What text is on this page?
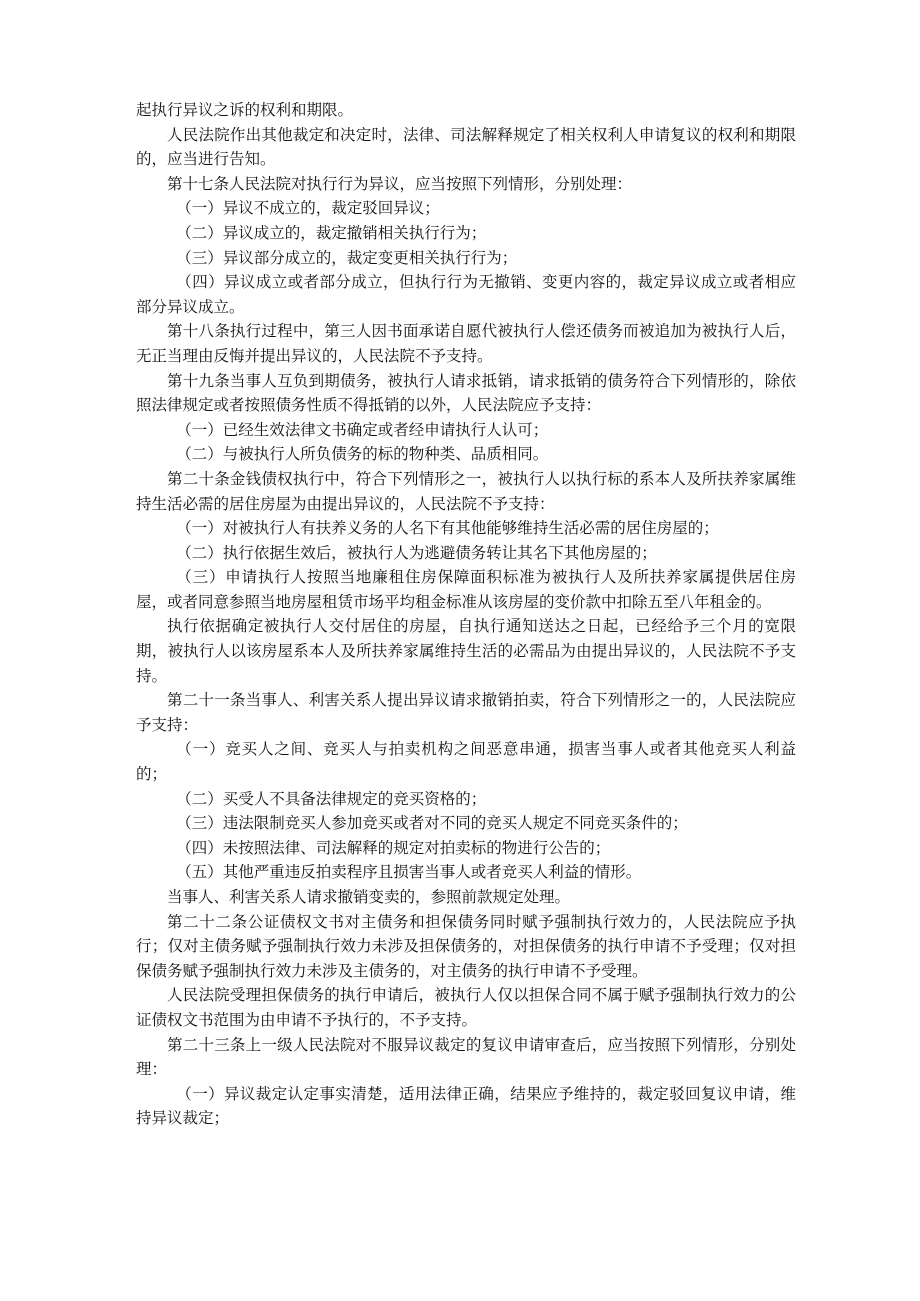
起执行异议之诉的权利和期限。

人民法院作出其他裁定和决定时，法律、司法解释规定了相关权利人申请复议的权利和期限的，应当进行告知。

第十七条人民法院对执行行为异议，应当按照下列情形，分别处理：

（一）异议不成立的，裁定驳回异议；

（二）异议成立的，裁定撤销相关执行行为；

（三）异议部分成立的，裁定变更相关执行行为；

（四）异议成立或者部分成立，但执行行为无撤销、变更内容的，裁定异议成立或者相应部分异议成立。

第十八条执行过程中，第三人因书面承诺自愿代被执行人偿还债务而被追加为被执行人后，无正当理由反悔并提出异议的，人民法院不予支持。

第十九条当事人互负到期债务，被执行人请求抵销，请求抵销的债务符合下列情形的，除依照法律规定或者按照债务性质不得抵销的以外，人民法院应予支持：

（一）已经生效法律文书确定或者经申请执行人认可；

（二）与被执行人所负债务的标的物种类、品质相同。

第二十条金钱债权执行中，符合下列情形之一，被执行人以执行标的系本人及所扶养家属维持生活必需的居住房屋为由提出异议的，人民法院不予支持：

（一）对被执行人有扶养义务的人名下有其他能够维持生活必需的居住房屋的；

（二）执行依据生效后，被执行人为逃避债务转让其名下其他房屋的；

（三）申请执行人按照当地廉租住房保障面积标准为被执行人及所扶养家属提供居住房屋，或者同意参照当地房屋租赁市场平均租金标准从该房屋的变价款中扣除五至八年租金的。

执行依据确定被执行人交付居住的房屋，自执行通知送达之日起，已经给予三个月的宽限期，被执行人以该房屋系本人及所扶养家属维持生活的必需品为由提出异议的，人民法院不予支持。

第二十一条当事人、利害关系人提出异议请求撤销拍卖，符合下列情形之一的，人民法院应予支持：

（一）竞买人之间、竞买人与拍卖机构之间恶意串通，损害当事人或者其他竞买人利益的；

（二）买受人不具备法律规定的竞买资格的；

（三）违法限制竞买人参加竞买或者对不同的竞买人规定不同竞买条件的；

（四）未按照法律、司法解释的规定对拍卖标的物进行公告的；

（五）其他严重违反拍卖程序且损害当事人或者竞买人利益的情形。

当事人、利害关系人请求撤销变卖的，参照前款规定处理。

第二十二条公证债权文书对主债务和担保债务同时赋予强制执行效力的，人民法院应予执行；仅对主债务赋予强制执行效力未涉及担保债务的，对担保债务的执行申请不予受理；仅对担保债务赋予强制执行效力未涉及主债务的，对主债务的执行申请不予受理。

人民法院受理担保债务的执行申请后，被执行人仅以担保合同不属于赋予强制执行效力的公证债权文书范围为由申请不予执行的，不予支持。

第二十三条上一级人民法院对不服异议裁定的复议申请审查后，应当按照下列情形，分别处理：

（一）异议裁定认定事实清楚，适用法律正确，结果应予维持的，裁定驳回复议申请，维持异议裁定；
